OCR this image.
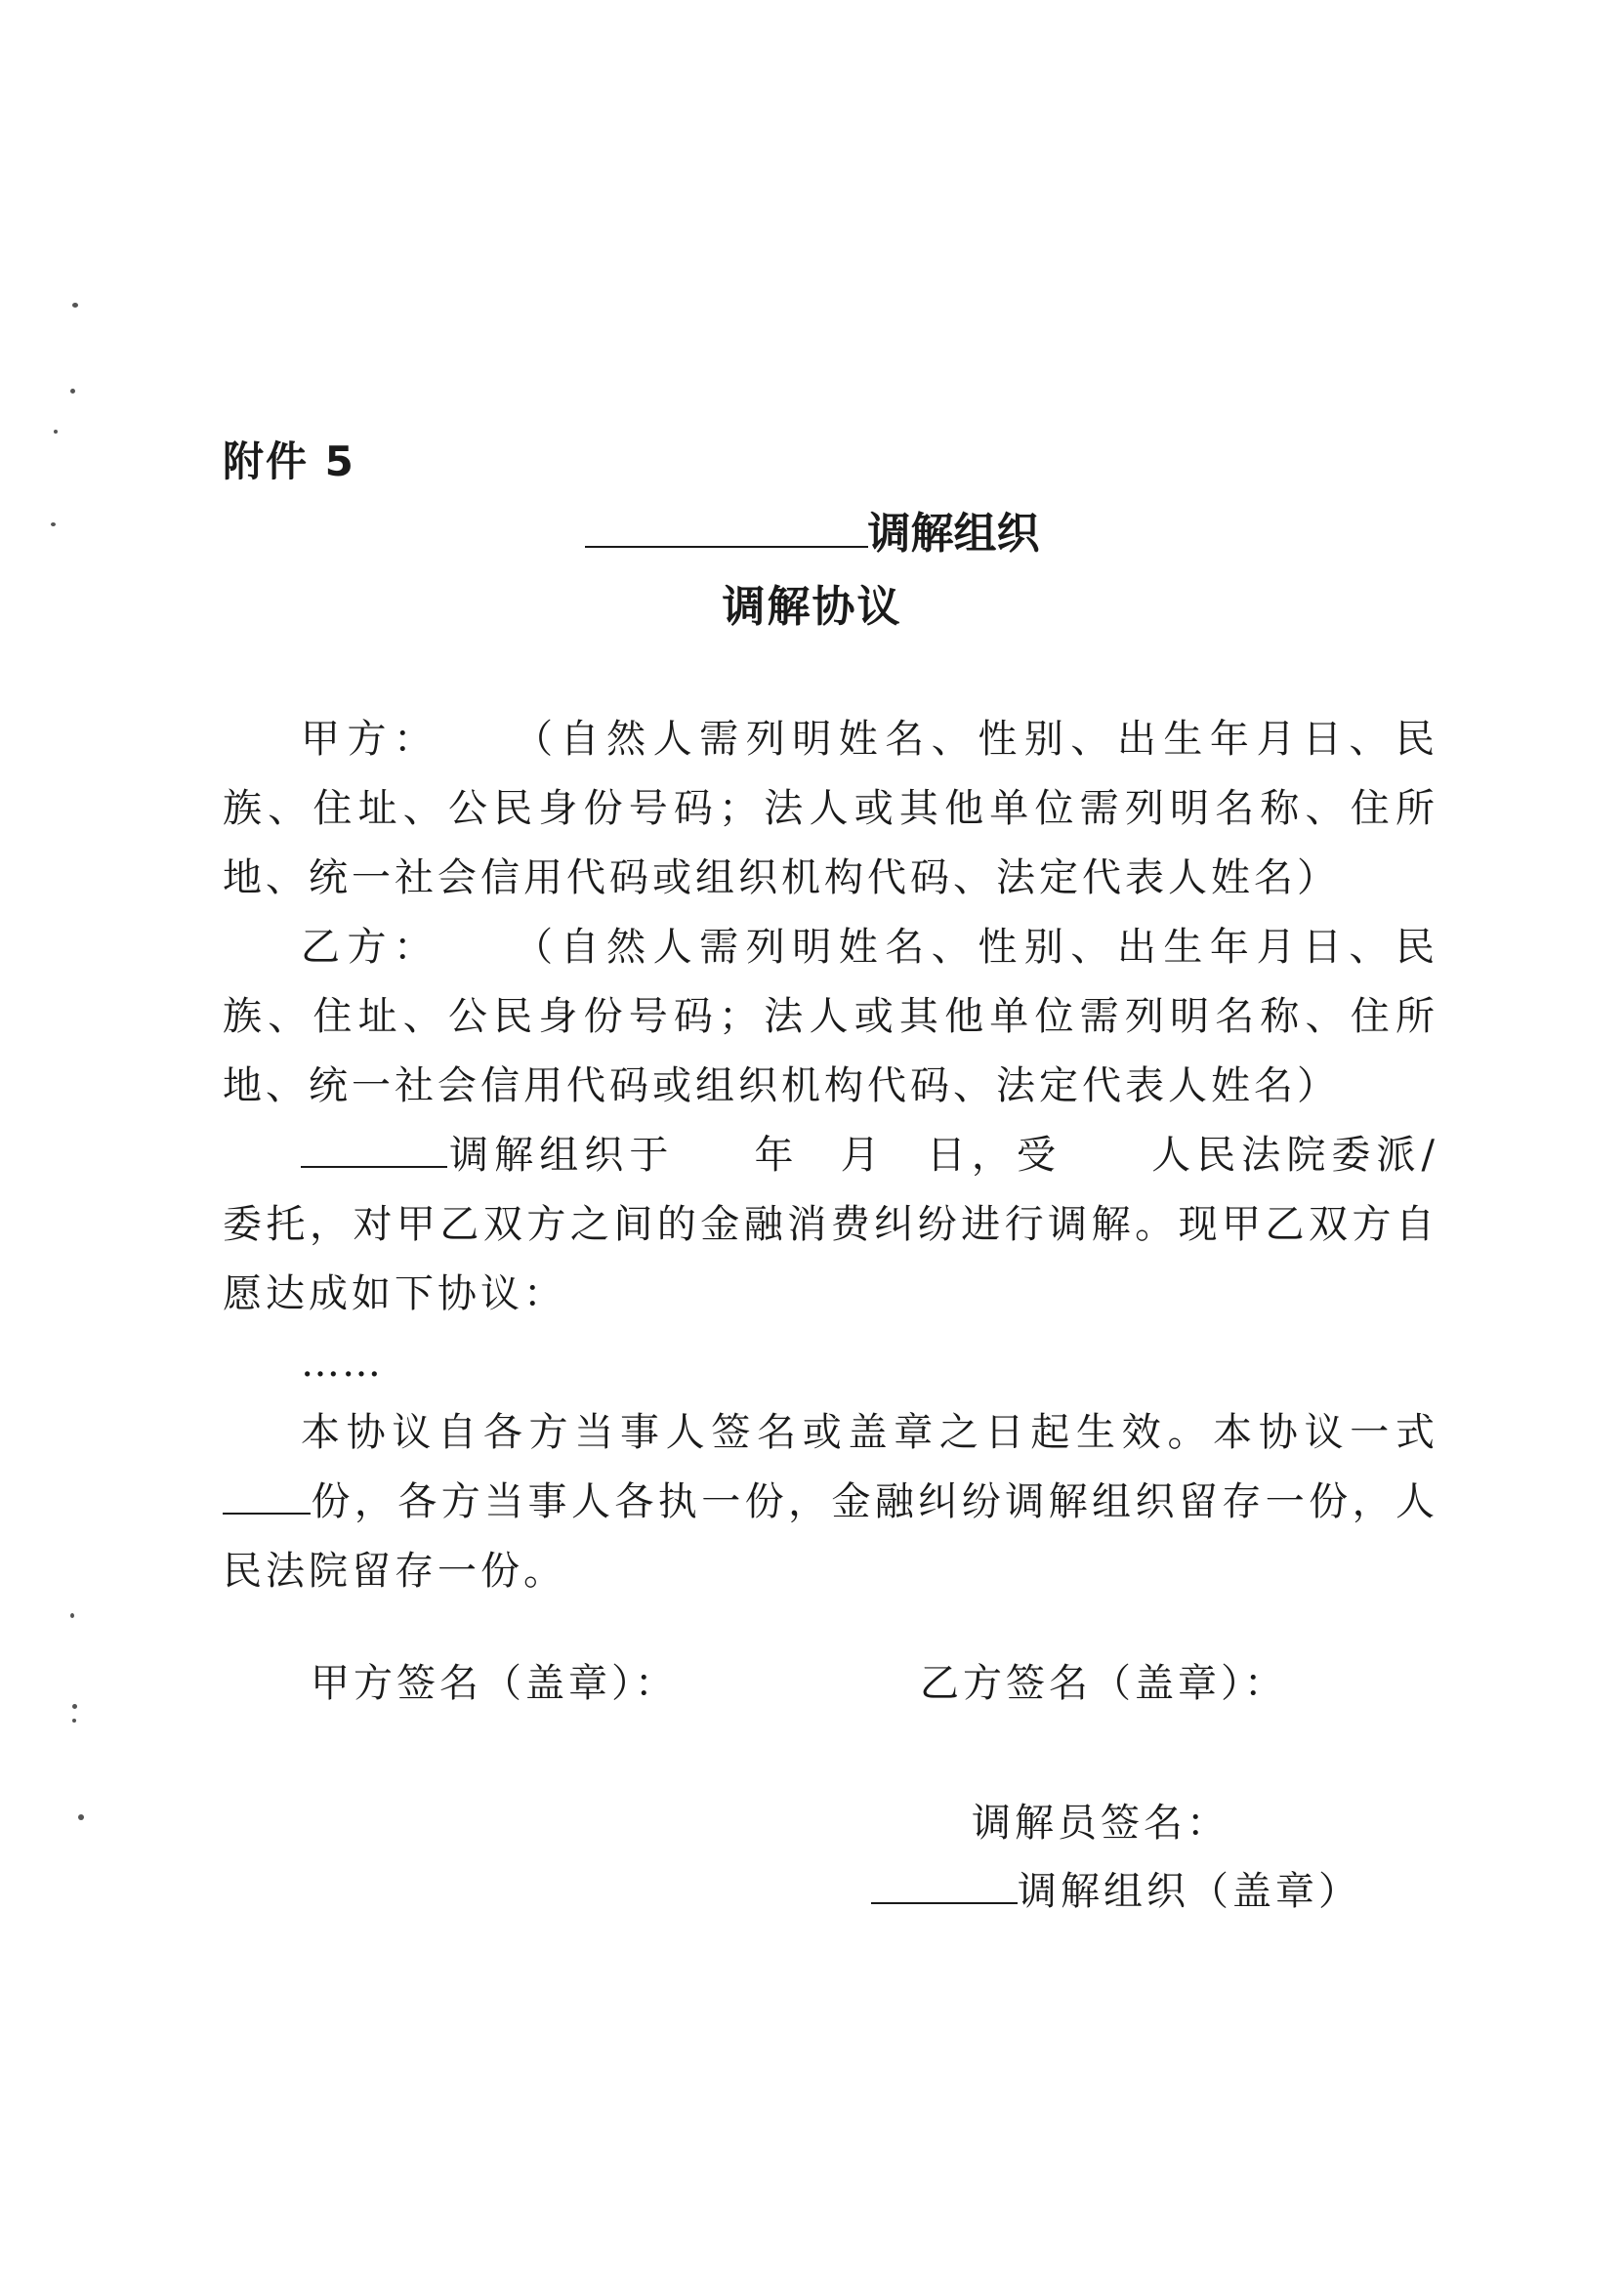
附件 5
调解组织
调解协议

甲方： （自然人需列明姓名、性别、出生年月日、民族、住址、公民身份号码；法人或其他单位需列明名称、住所地、统一社会信用代码或组织机构代码、法定代表人姓名）

乙方： （自然人需列明姓名、性别、出生年月日、民族、住址、公民身份号码；法人或其他单位需列明名称、住所地、统一社会信用代码或组织机构代码、法定代表人姓名）

调解组织于 年 月 日，受 人民法院委派/委托，对甲乙双方之间的金融消费纠纷进行调解。现甲乙双方自愿达成如下协议：

……

本协议自各方当事人签名或盖章之日起生效。本协议一式份，各方当事人各执一份，金融纠纷调解组织留存一份，人民法院留存一份。

甲方签名（盖章）：	乙方签名（盖章）：
调解员签名：
调解组织（盖章）
